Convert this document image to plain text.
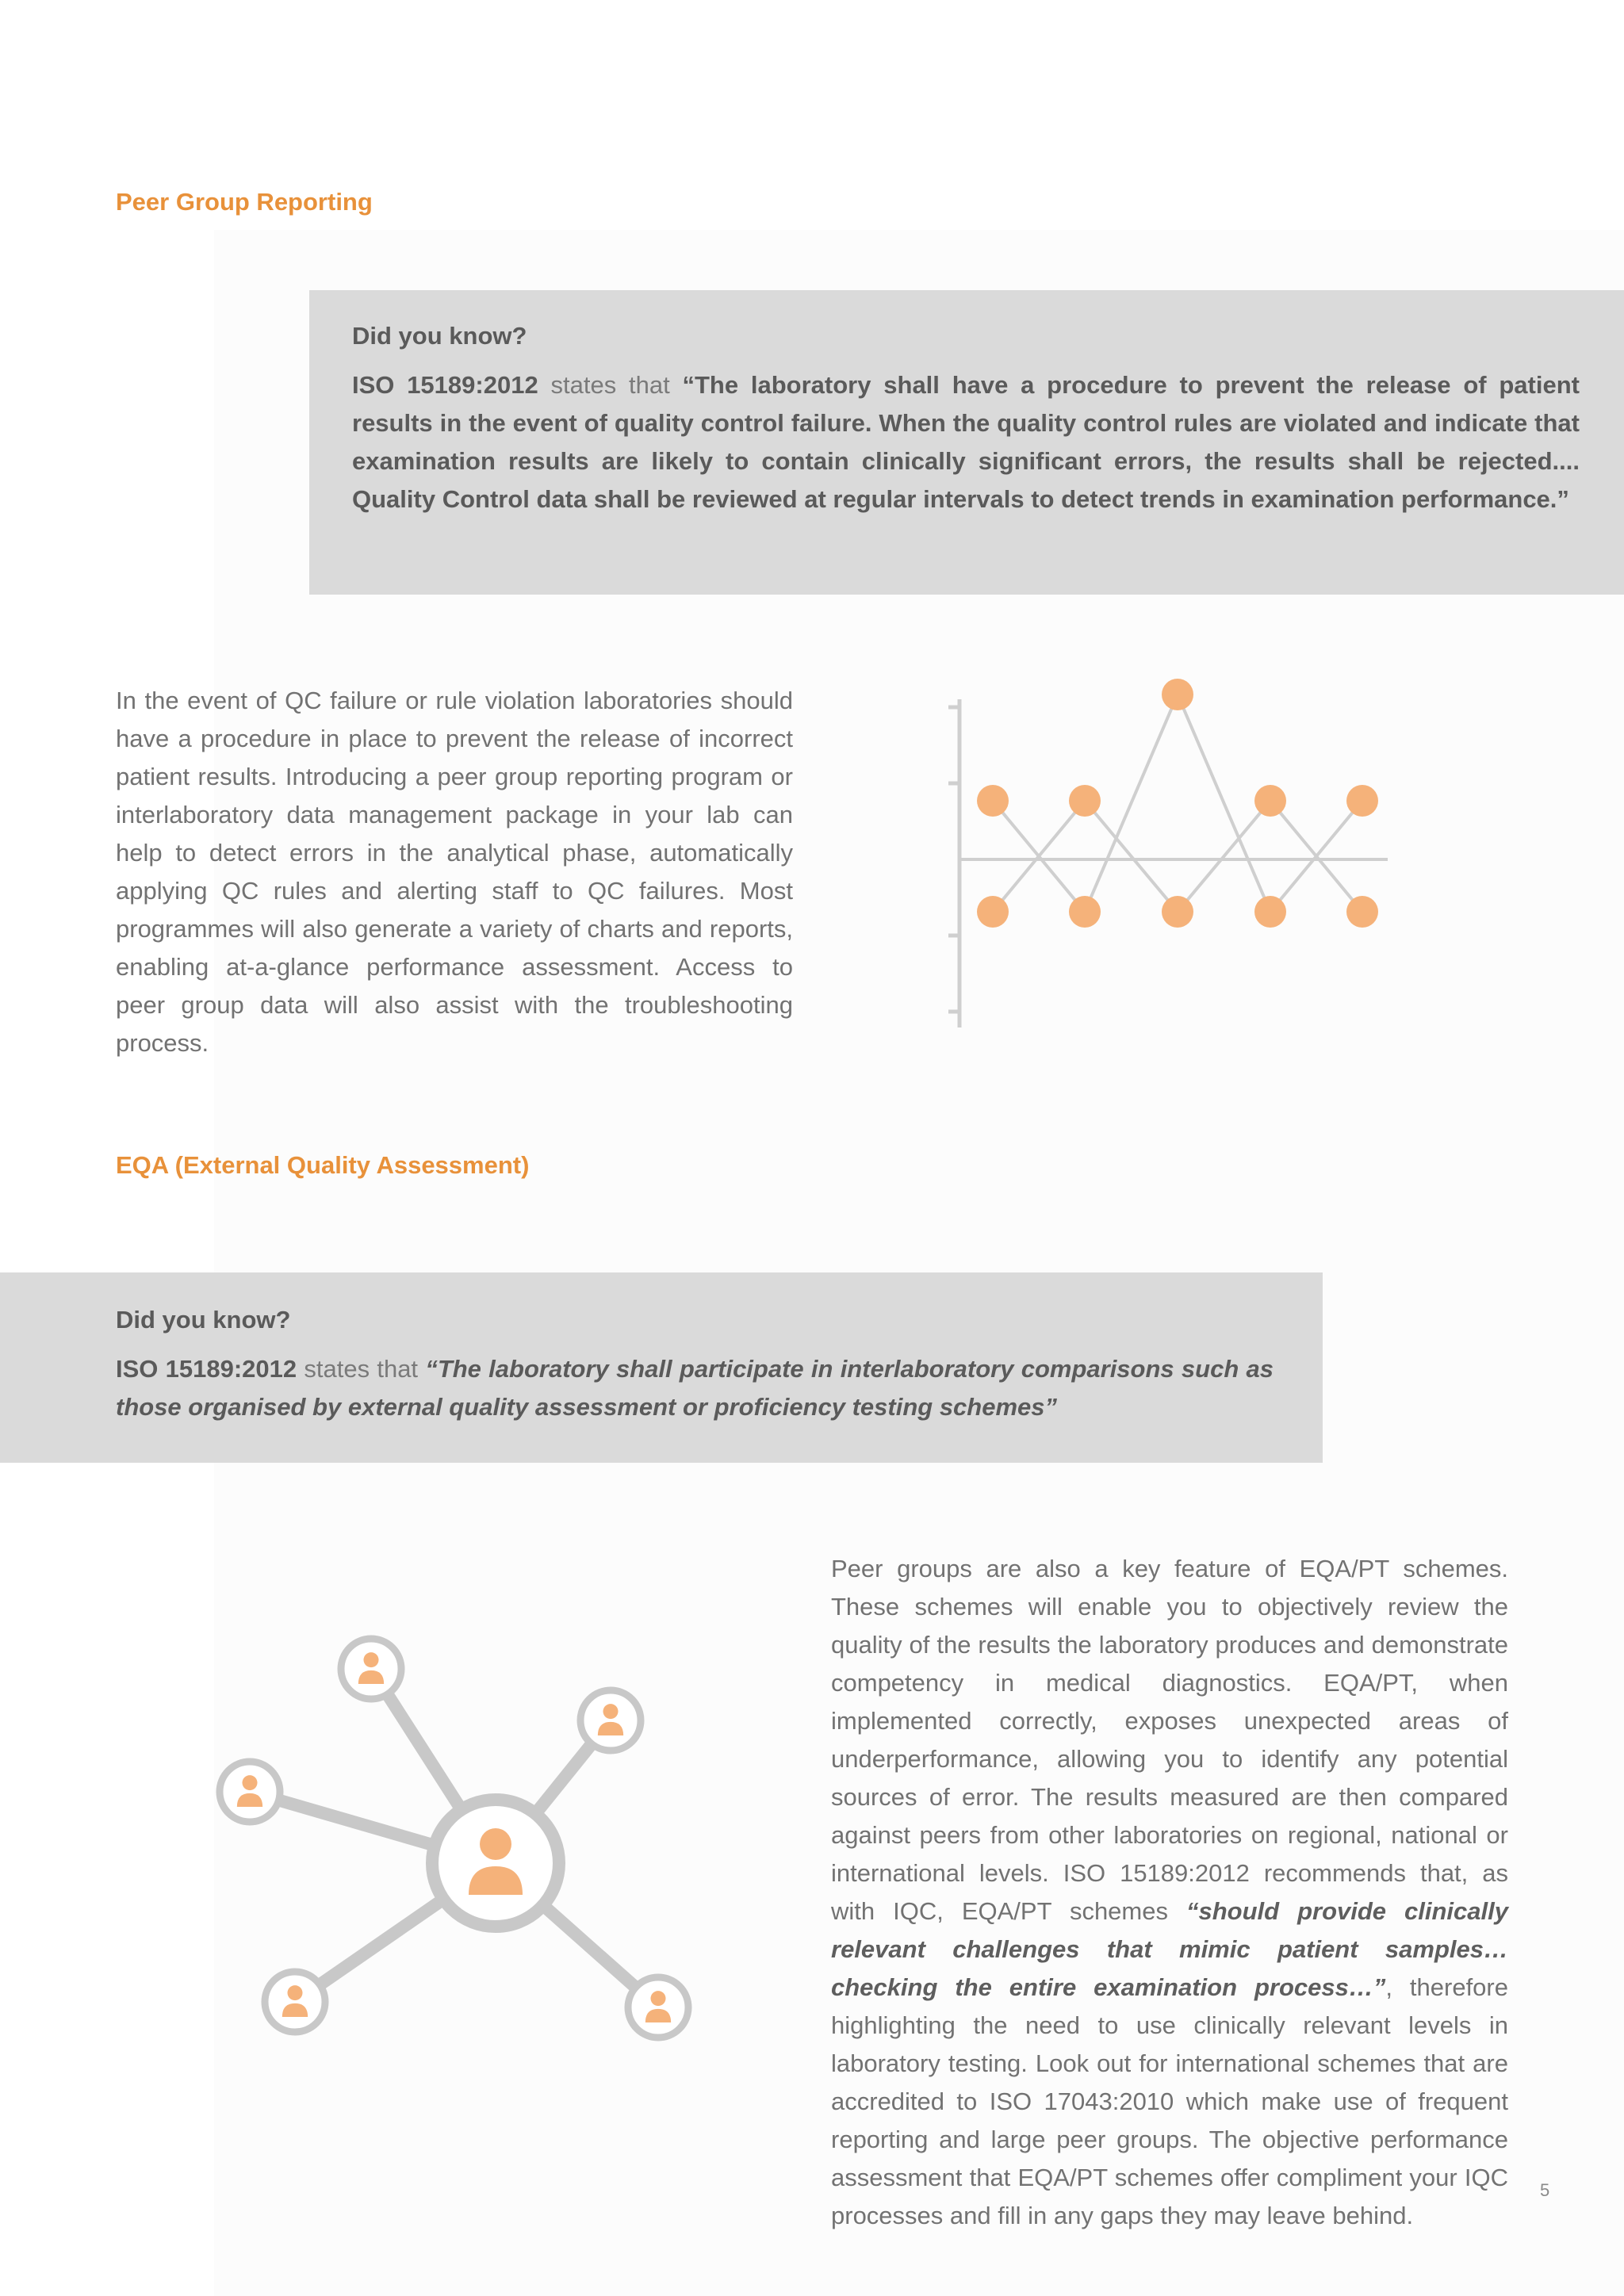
Peer Group Reporting

Did you know?

ISO 15189:2012 states that “The laboratory shall have a procedure to prevent the release of patient results in the event of quality control failure. When the quality control rules are violated and indicate that examination results are likely to contain clinically significant errors, the results shall be rejected.... Quality Control data shall be reviewed at regular intervals to detect trends in examination performance.”

In the event of QC failure or rule violation laboratories should have a procedure in place to prevent the release of incorrect patient results. Introducing a peer group reporting program or interlaboratory data management package in your lab can help to detect errors in the analytical phase, automatically applying QC rules and alerting staff to QC failures. Most programmes will also generate a variety of charts and reports, enabling at-a-glance performance assessment. Access to peer group data will also assist with the troubleshooting process.

EQA (External Quality Assessment)

Did you know?

ISO 15189:2012 states that “The laboratory shall participate in interlaboratory comparisons such as those organised by external quality assessment or proficiency testing schemes”

Peer groups are also a key feature of EQA/PT schemes. These schemes will enable you to objectively review the quality of the results the laboratory produces and demonstrate competency in medical diagnostics. EQA/PT, when implemented correctly, exposes unexpected areas of underperformance, allowing you to identify any potential sources of error. The results measured are then compared against peers from other laboratories on regional, national or international levels. ISO 15189:2012 recommends that, as with IQC, EQA/PT schemes “should provide clinically relevant challenges that mimic patient samples…checking the entire examination process…”, therefore highlighting the need to use clinically relevant levels in laboratory testing. Look out for international schemes that are accredited to ISO 17043:2010 which make use of frequent reporting and large peer groups. The objective performance assessment that EQA/PT schemes offer compliment your IQC processes and fill in any gaps they may leave behind.

5
